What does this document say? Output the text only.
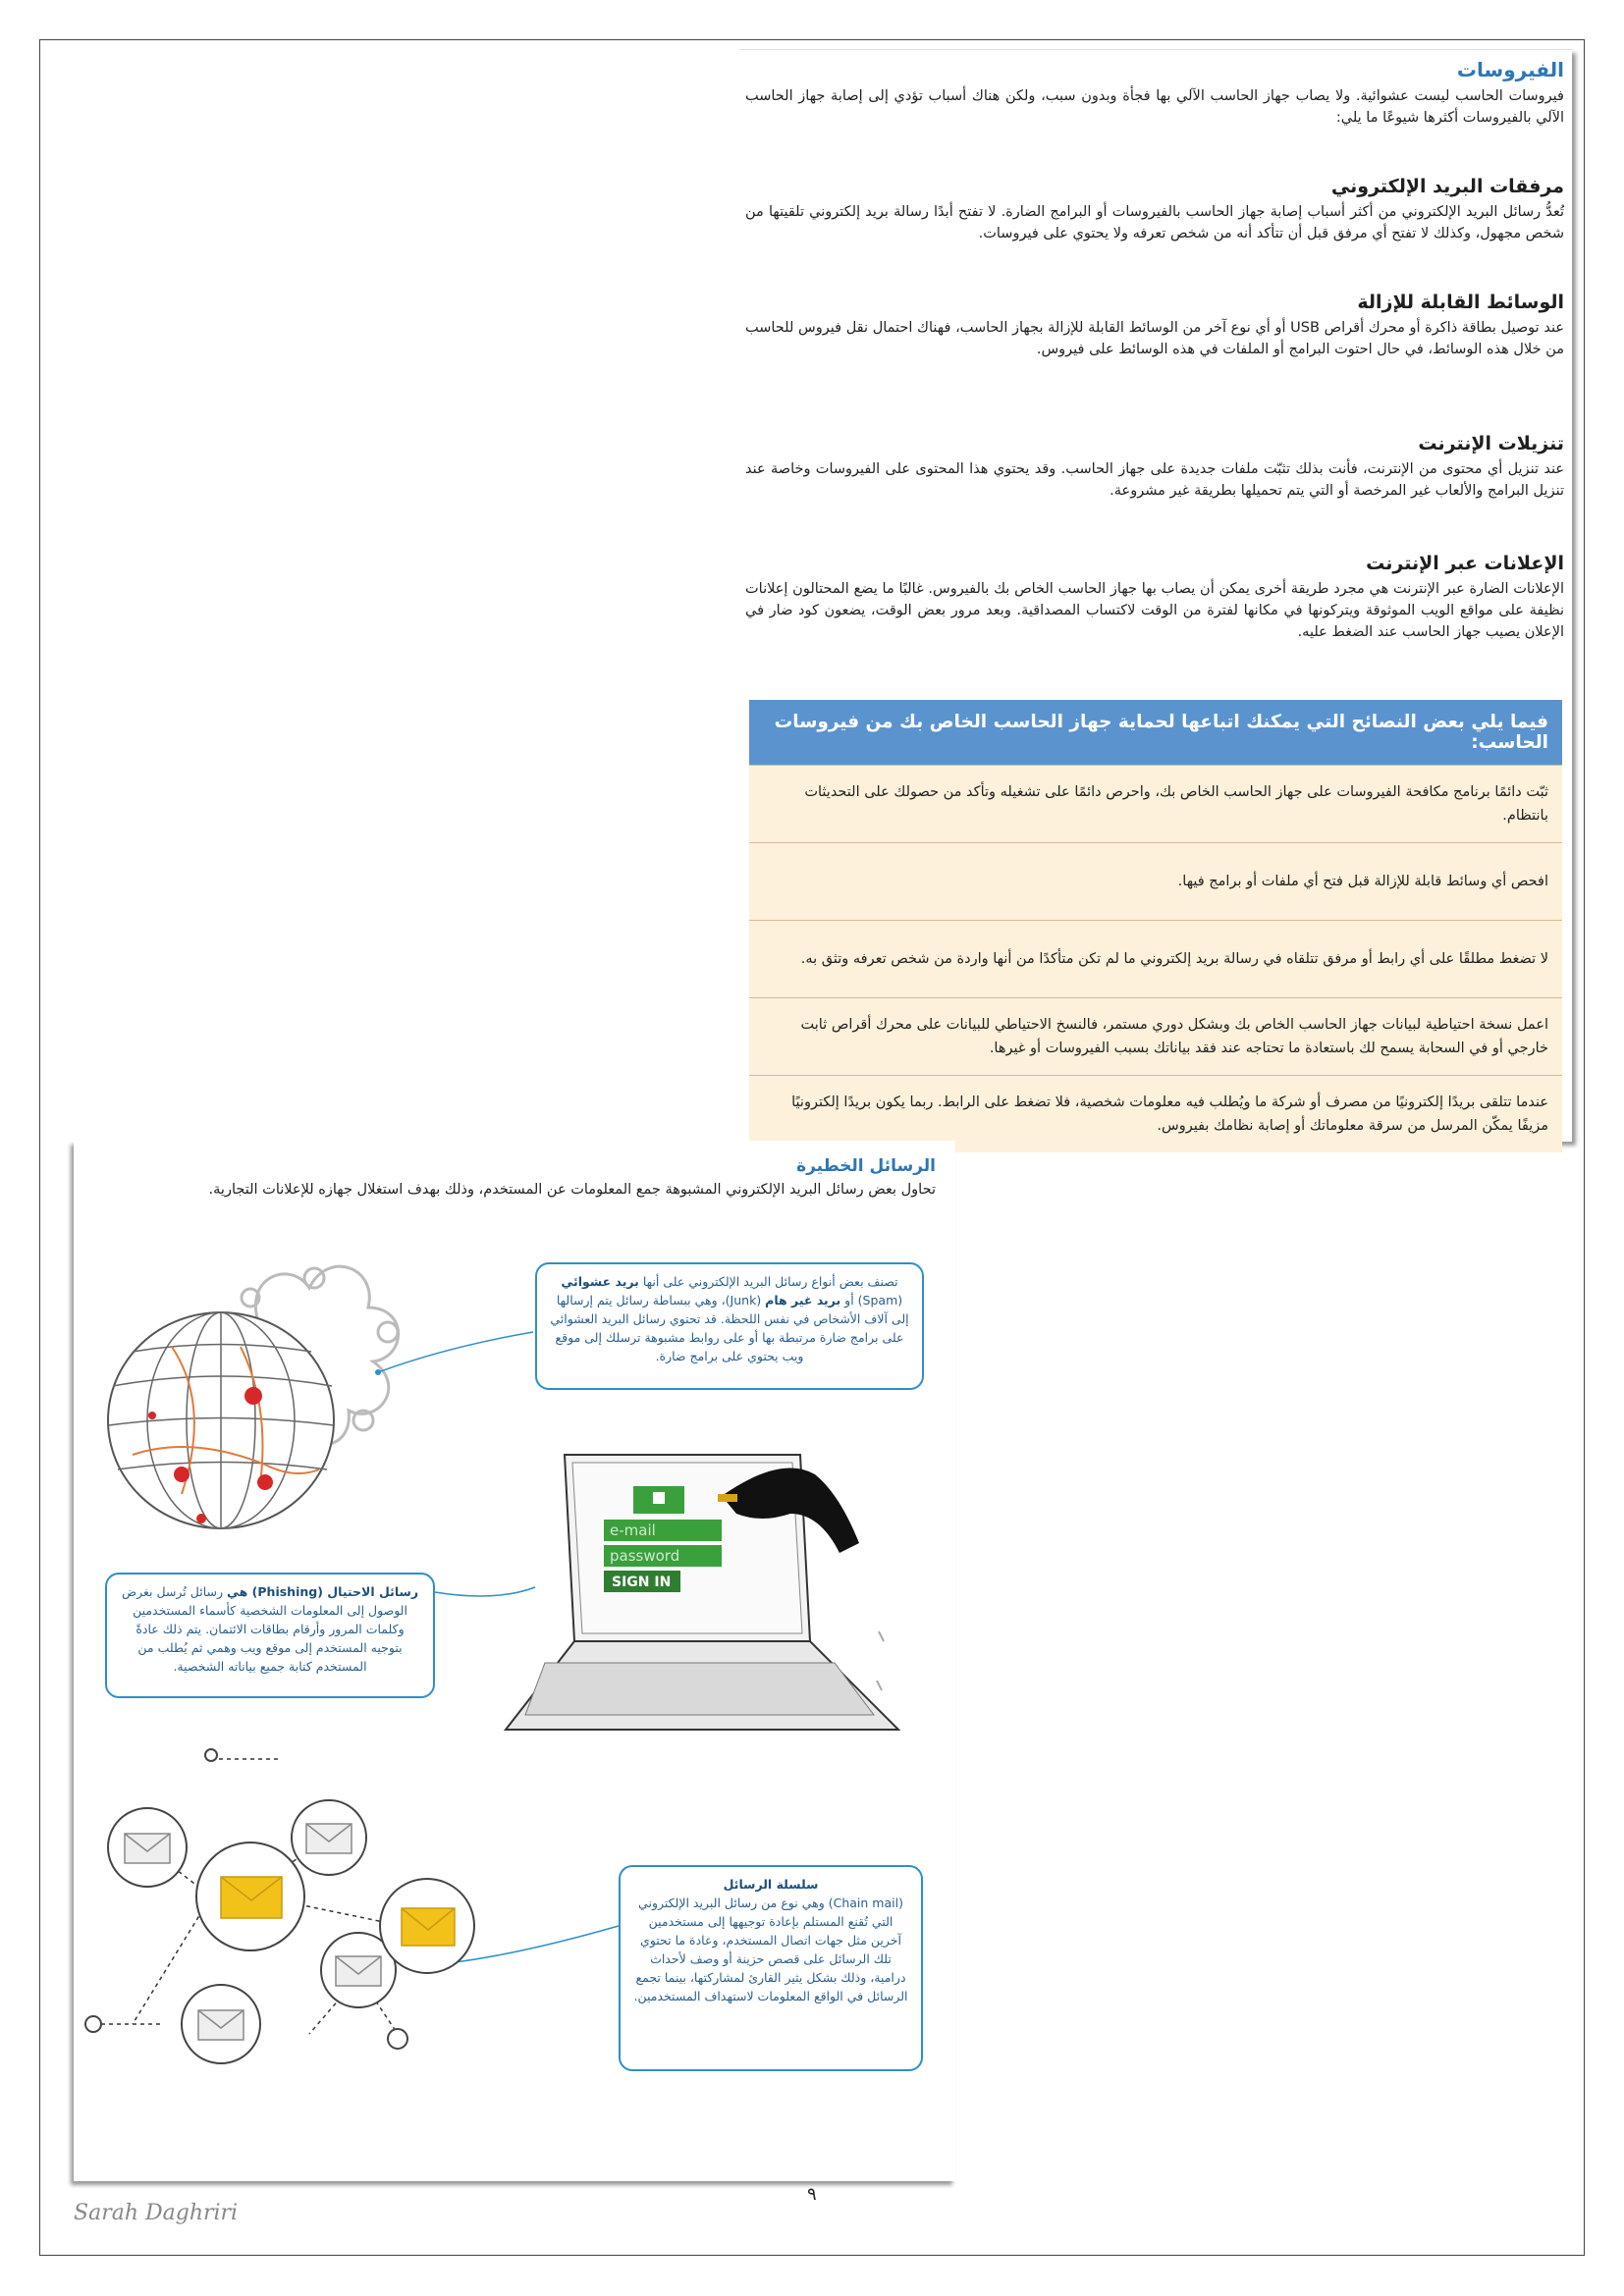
الفيروسات

فيروسات الحاسب ليست عشوائية. ولا يصاب جهاز الحاسب الآلي بها فجأة وبدون سبب، ولكن هناك أسباب تؤدي إلى إصابة جهاز الحاسب الآلي بالفيروسات أكثرها شيوعًا ما يلي:

مرفقات البريد الإلكتروني

تُعدُّ رسائل البريد الإلكتروني من أكثر أسباب إصابة جهاز الحاسب بالفيروسات أو البرامج الضارة. لا تفتح أبدًا رسالة بريد إلكتروني تلقيتها من شخص مجهول، وكذلك لا تفتح أي مرفق قبل أن تتأكد أنه من شخص تعرفه ولا يحتوي على فيروسات.

الوسائط القابلة للإزالة

عند توصيل بطاقة ذاكرة أو محرك أقراص USB أو أي نوع آخر من الوسائط القابلة للإزالة بجهاز الحاسب، فهناك احتمال نقل فيروس للحاسب من خلال هذه الوسائط، في حال احتوت البرامج أو الملفات في هذه الوسائط على فيروس.

تنزيلات الإنترنت

عند تنزيل أي محتوى من الإنترنت، فأنت بذلك تثبّت ملفات جديدة على جهاز الحاسب. وقد يحتوي هذا المحتوى على الفيروسات وخاصة عند تنزيل البرامج والألعاب غير المرخصة أو التي يتم تحميلها بطريقة غير مشروعة.

الإعلانات عبر الإنترنت

الإعلانات الضارة عبر الإنترنت هي مجرد طريقة أخرى يمكن أن يصاب بها جهاز الحاسب الخاص بك بالفيروس. غالبًا ما يضع المحتالون إعلانات نظيفة على مواقع الويب الموثوقة ويتركونها في مكانها لفترة من الوقت لاكتساب المصداقية. وبعد مرور بعض الوقت، يضعون كود ضار في الإعلان يصيب جهاز الحاسب عند الضغط عليه.

فيما يلي بعض النصائح التي يمكنك اتباعها لحماية جهاز الحاسب الخاص بك من فيروسات الحاسب:
ثبّت دائمًا برنامج مكافحة الفيروسات على جهاز الحاسب الخاص بك، واحرص دائمًا على تشغيله وتأكد من حصولك على التحديثات بانتظام.
افحص أي وسائط قابلة للإزالة قبل فتح أي ملفات أو برامج فيها.
لا تضغط مطلقًا على أي رابط أو مرفق تتلقاه في رسالة بريد إلكتروني ما لم تكن متأكدًا من أنها واردة من شخص تعرفه وتثق به.
اعمل نسخة احتياطية لبيانات جهاز الحاسب الخاص بك وبشكل دوري مستمر، فالنسخ الاحتياطي للبيانات على محرك أقراص ثابت خارجي أو في السحابة يسمح لك باستعادة ما تحتاجه عند فقد بياناتك بسبب الفيروسات أو غيرها.
عندما تتلقى بريدًا إلكترونيًا من مصرف أو شركة ما ويُطلب فيه معلومات شخصية، فلا تضغط على الرابط. ربما يكون بريدًا إلكترونيًا مزيفًا يمكّن المرسل من سرقة معلوماتك أو إصابة نظامك بفيروس.
الرسائل الخطيرة
تحاول بعض رسائل البريد الإلكتروني المشبوهة جمع المعلومات عن المستخدم، وذلك بهدف استغلال جهازه للإعلانات التجارية.
تصنف بعض أنواع رسائل البريد الإلكتروني على أنها بريد عشوائي (Spam) أو بريد غير هام (Junk)، وهي ببساطة رسائل يتم إرسالها إلى آلاف الأشخاص في نفس اللحظة. قد تحتوي رسائل البريد العشوائي على برامج ضارة مرتبطة بها أو على روابط مشبوهة ترسلك إلى موقع ويب يحتوي على برامج ضارة.
e-mail
password
SIGN IN
رسائل الاحتيال (Phishing) هي رسائل تُرسل بغرض الوصول إلى المعلومات الشخصية كأسماء المستخدمين وكلمات المرور وأرقام بطاقات الائتمان. يتم ذلك عادةً بتوجيه المستخدم إلى موقع ويب وهمي ثم يُطلب من المستخدم كتابة جميع بياناته الشخصية.
سلسلة الرسائل
(Chain mail) وهي نوع من رسائل البريد الإلكتروني التي تُقنع المستلم بإعادة توجيهها إلى مستخدمين آخرين مثل جهات اتصال المستخدم، وعادة ما تحتوي تلك الرسائل على قصص حزينة أو وصف لأحداث درامية، وذلك بشكل يثير القارئ لمشاركتها، بينما تجمع الرسائل في الواقع المعلومات لاستهداف المستخدمين.
٩
Sarah Daghriri
